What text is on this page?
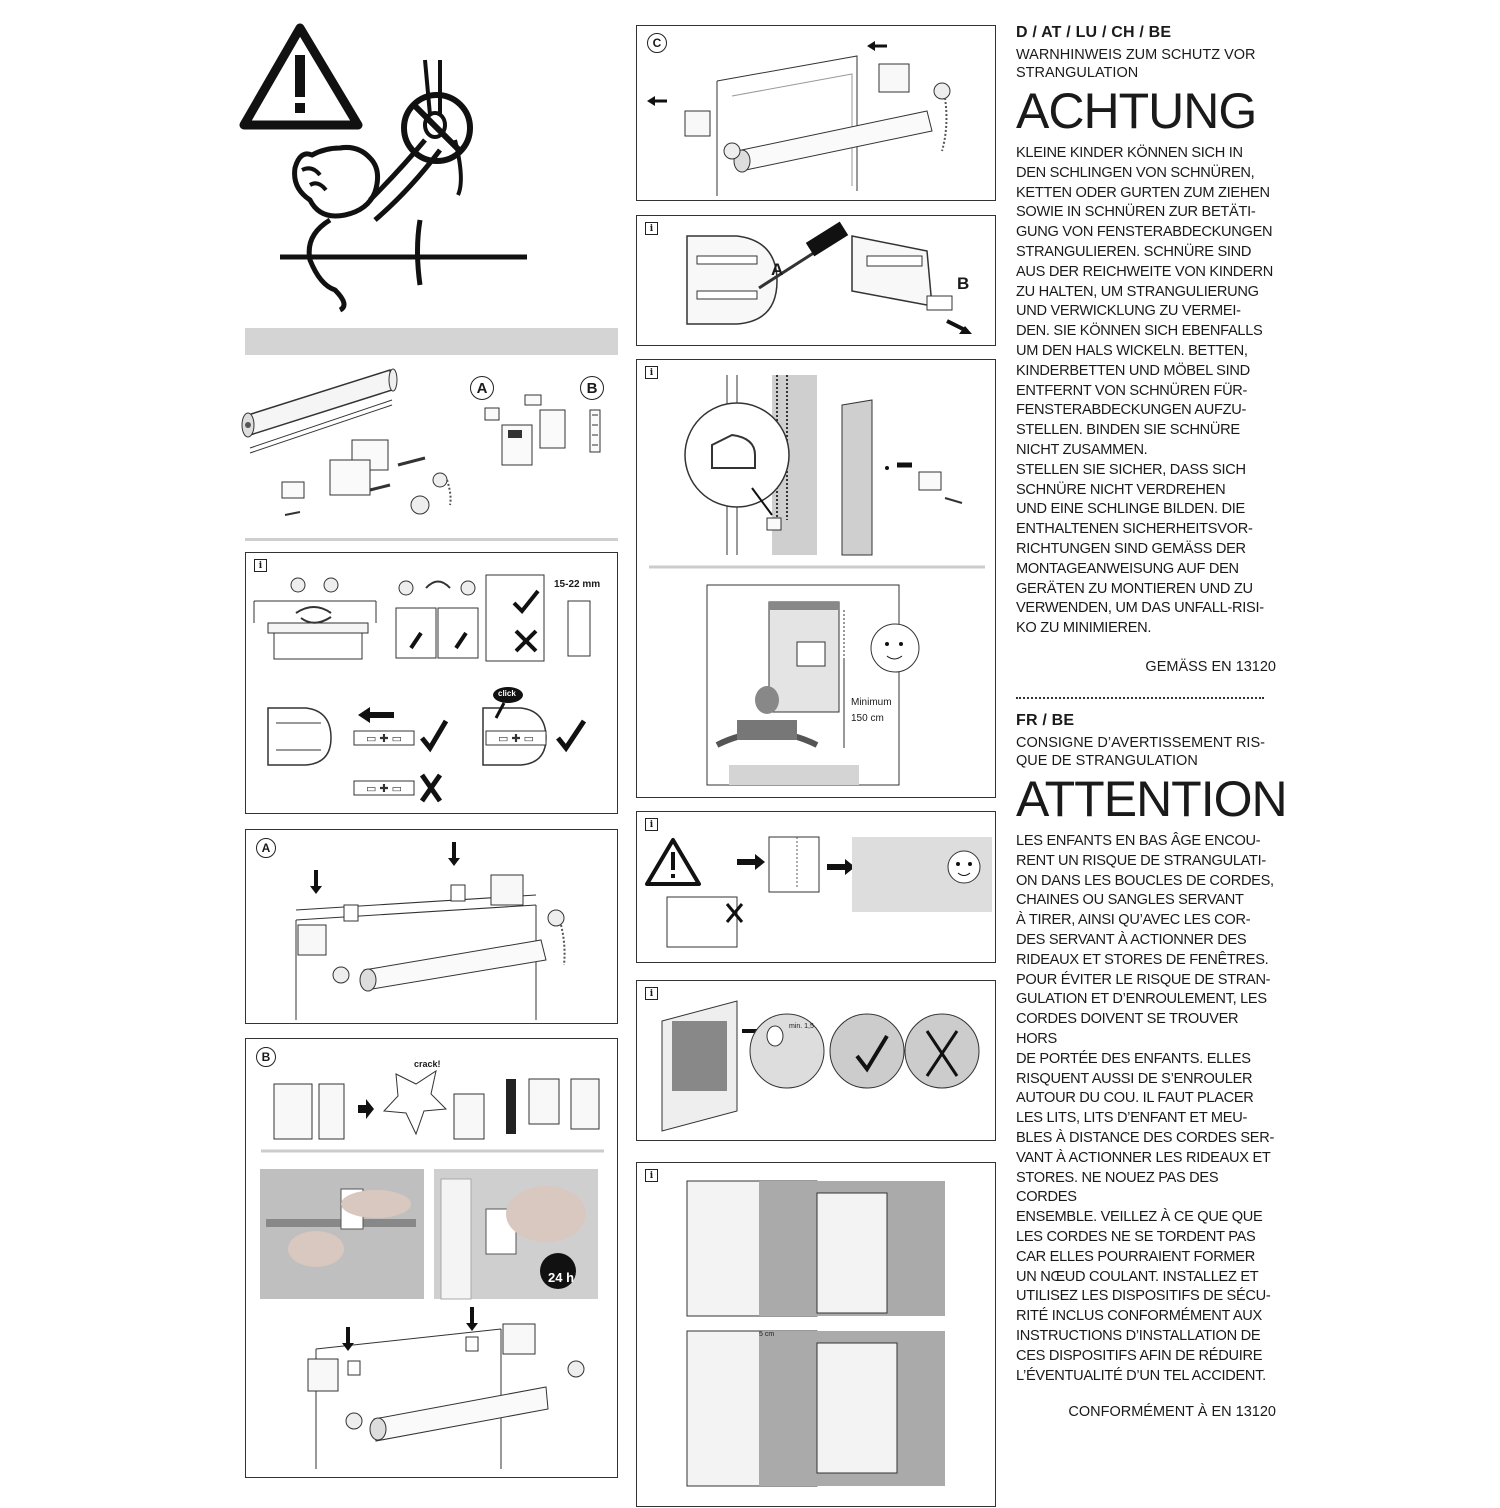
A	B
i
▭ ✚ ▭
▭ ✚ ▭
▭ ✚ ▭
15-22 mm
click
A
B	crack!
24 h
C
i
A
B
i
Minimum
150 cm
i
i
min. 1,5
i
5 cm
D / AT / LU / CH / BE
WARNHINWEIS ZUM SCHUTZ VOR
STRANGULATION
ACHTUNG
KLEINE KINDER KÖNNEN SICH IN
DEN SCHLINGEN VON SCHNÜREN,
KETTEN ODER GURTEN ZUM ZIEHEN
SOWIE IN SCHNÜREN ZUR BETÄTI-
GUNG VON FENSTERABDECKUNGEN
STRANGULIEREN. SCHNÜRE SIND
AUS DER REICHWEITE VON KINDERN
ZU HALTEN, UM STRANGULIERUNG
UND VERWICKLUNG ZU VERMEI-
DEN. SIE KÖNNEN SICH EBENFALLS
UM DEN HALS WICKELN. BETTEN,
KINDERBETTEN UND MÖBEL SIND
ENTFERNT VON SCHNÜREN FÜR-
FENSTERABDECKUNGEN AUFZU-
STELLEN. BINDEN SIE SCHNÜRE
NICHT ZUSAMMEN.
STELLEN SIE SICHER, DASS SICH
SCHNÜRE NICHT VERDREHEN
UND EINE SCHLINGE BILDEN. DIE
ENTHALTENEN SICHERHEITSVOR-
RICHTUNGEN SIND GEMÄSS DER
MONTAGEANWEISUNG AUF DEN
GERÄTEN ZU MONTIEREN UND ZU
VERWENDEN, UM DAS UNFALL-RISI-
KO ZU MINIMIEREN.
GEMÄSS EN 13120
FR / BE
CONSIGNE D’AVERTISSEMENT RIS-
QUE DE STRANGULATION
ATTENTION
LES ENFANTS EN BAS ÂGE ENCOU-
RENT UN RISQUE DE STRANGULATI-
ON DANS LES BOUCLES DE CORDES,
CHAINES OU SANGLES SERVANT
À TIRER, AINSI QU’AVEC LES COR-
DES SERVANT À ACTIONNER DES
RIDEAUX ET STORES DE FENÊTRES.
POUR ÉVITER LE RISQUE DE STRAN-
GULATION ET D’ENROULEMENT, LES
CORDES DOIVENT SE TROUVER HORS
DE PORTÉE DES ENFANTS. ELLES
RISQUENT AUSSI DE S’ENROULER
AUTOUR DU COU. IL FAUT PLACER
LES LITS, LITS D’ENFANT ET MEU-
BLES À DISTANCE DES CORDES SER-
VANT À ACTIONNER LES RIDEAUX ET
STORES. NE NOUEZ PAS DES CORDES
ENSEMBLE. VEILLEZ À CE QUE QUE
LES CORDES NE SE TORDENT PAS
CAR ELLES POURRAIENT FORMER
UN NŒUD COULANT. INSTALLEZ ET
UTILISEZ LES DISPOSITIFS DE SÉCU-
RITÉ INCLUS CONFORMÉMENT AUX
INSTRUCTIONS D’INSTALLATION DE
CES DISPOSITIFS AFIN DE RÉDUIRE
L’ÉVENTUALITÉ D’UN TEL ACCIDENT.
CONFORMÉMENT À EN 13120
